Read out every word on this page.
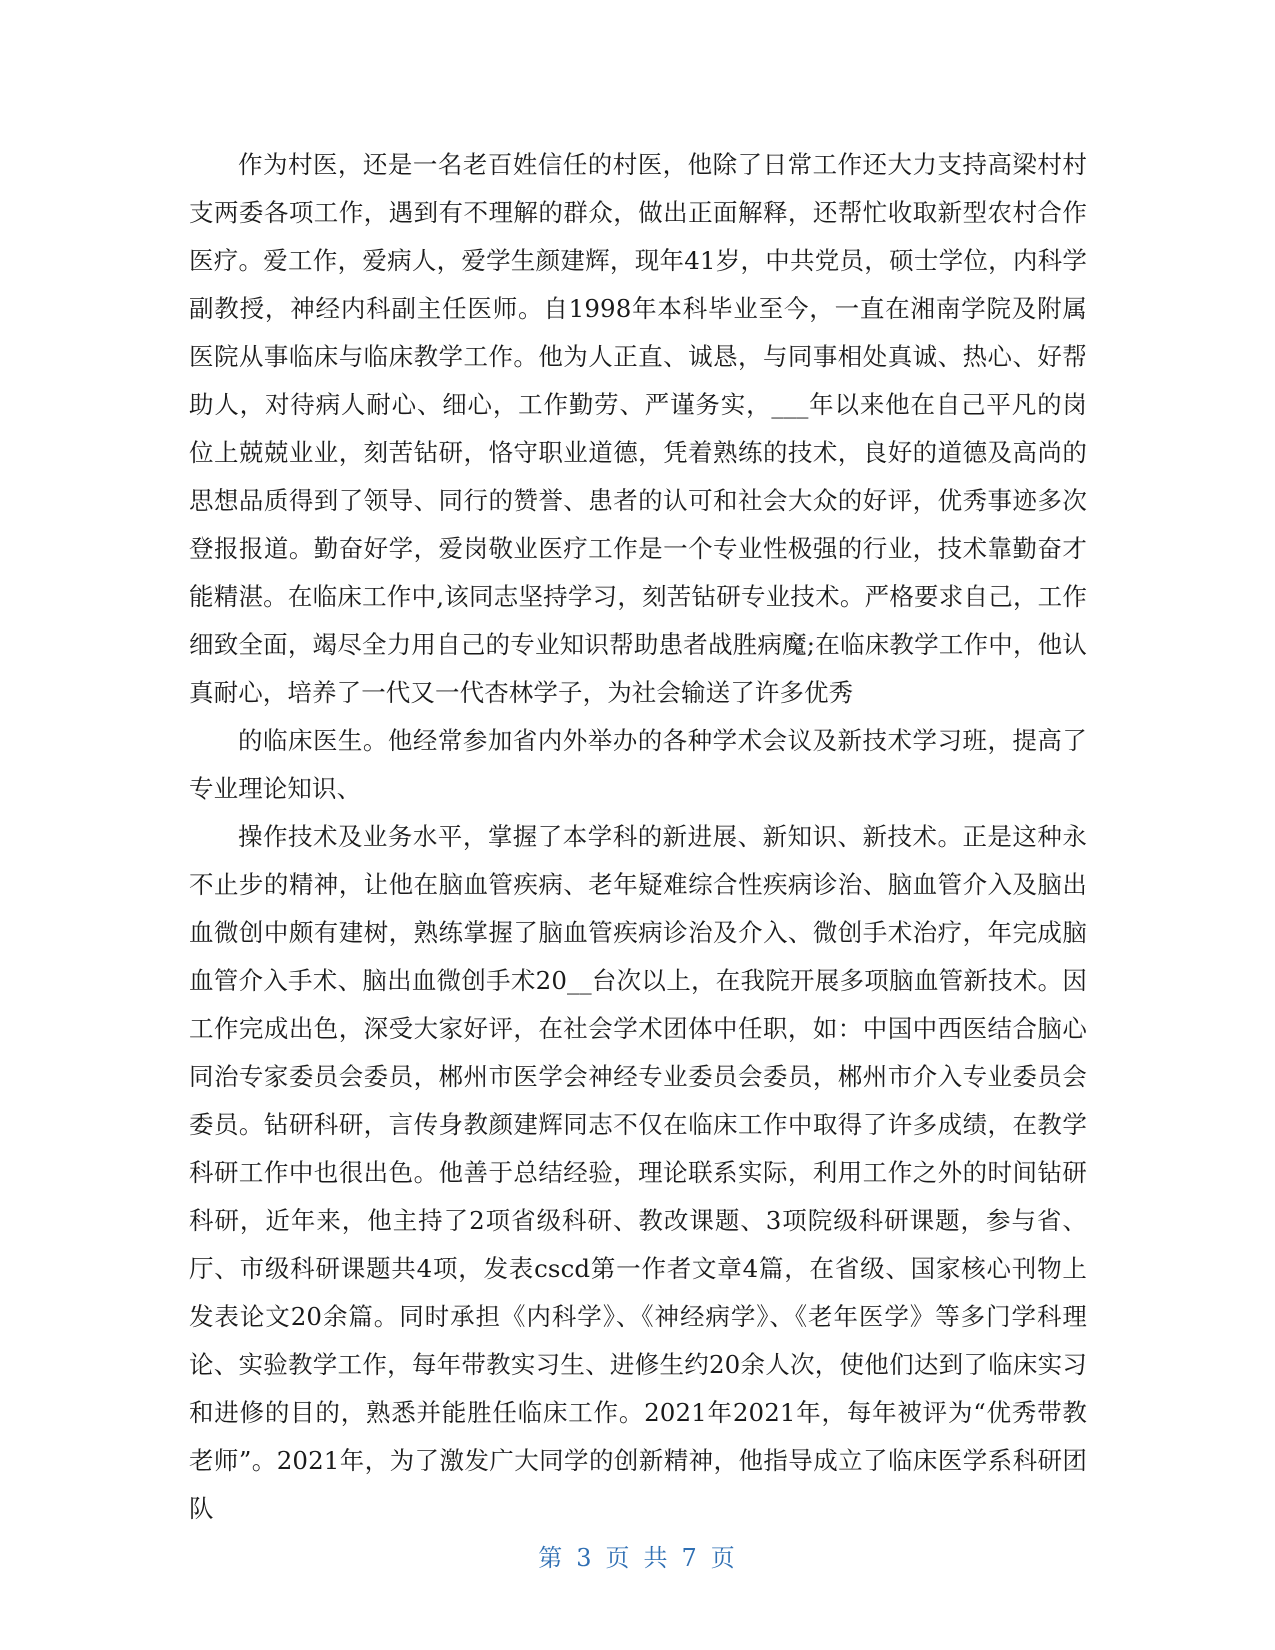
作为村医，还是一名老百姓信任的村医，他除了日常工作还大力支持高梁村村支两委各项工作，遇到有不理解的群众，做出正面解释，还帮忙收取新型农村合作医疗。爱工作，爱病人，爱学生颜建辉，现年41岁，中共党员，硕士学位，内科学副教授，神经内科副主任医师。自1998年本科毕业至今，一直在湘南学院及附属医院从事临床与临床教学工作。他为人正直、诚恳，与同事相处真诚、热心、好帮助人，对待病人耐心、细心，工作勤劳、严谨务实，___年以来他在自己平凡的岗位上兢兢业业，刻苦钻研，恪守职业道德，凭着熟练的技术，良好的道德及高尚的思想品质得到了领导、同行的赞誉、患者的认可和社会大众的好评，优秀事迹多次登报报道。勤奋好学，爱岗敬业医疗工作是一个专业性极强的行业，技术靠勤奋才能精湛。在临床工作中,该同志坚持学习，刻苦钻研专业技术。严格要求自己，工作细致全面，竭尽全力用自己的专业知识帮助患者战胜病魔;在临床教学工作中，他认真耐心，培养了一代又一代杏林学子，为社会输送了许多优秀

的临床医生。他经常参加省内外举办的各种学术会议及新技术学习班，提高了专业理论知识、

操作技术及业务水平，掌握了本学科的新进展、新知识、新技术。正是这种永不止步的精神，让他在脑血管疾病、老年疑难综合性疾病诊治、脑血管介入及脑出血微创中颇有建树，熟练掌握了脑血管疾病诊治及介入、微创手术治疗，年完成脑血管介入手术、脑出血微创手术20__台次以上，在我院开展多项脑血管新技术。因工作完成出色，深受大家好评，在社会学术团体中任职，如：中国中西医结合脑心同治专家委员会委员，郴州市医学会神经专业委员会委员，郴州市介入专业委员会委员。钻研科研，言传身教颜建辉同志不仅在临床工作中取得了许多成绩，在教学科研工作中也很出色。他善于总结经验，理论联系实际，利用工作之外的时间钻研科研，近年来，他主持了2项省级科研、教改课题、3项院级科研课题，参与省、厅、市级科研课题共4项，发表cscd第一作者文章4篇，在省级、国家核心刊物上发表论文20余篇。同时承担《内科学》、《神经病学》、《老年医学》等多门学科理论、实验教学工作，每年带教实习生、进修生约20余人次，使他们达到了临床实习和进修的目的，熟悉并能胜任临床工作。2021年2021年，每年被评为“优秀带教老师”。2021年，为了激发广大同学的创新精神，他指导成立了临床医学系科研团队

第 3 页 共 7 页
